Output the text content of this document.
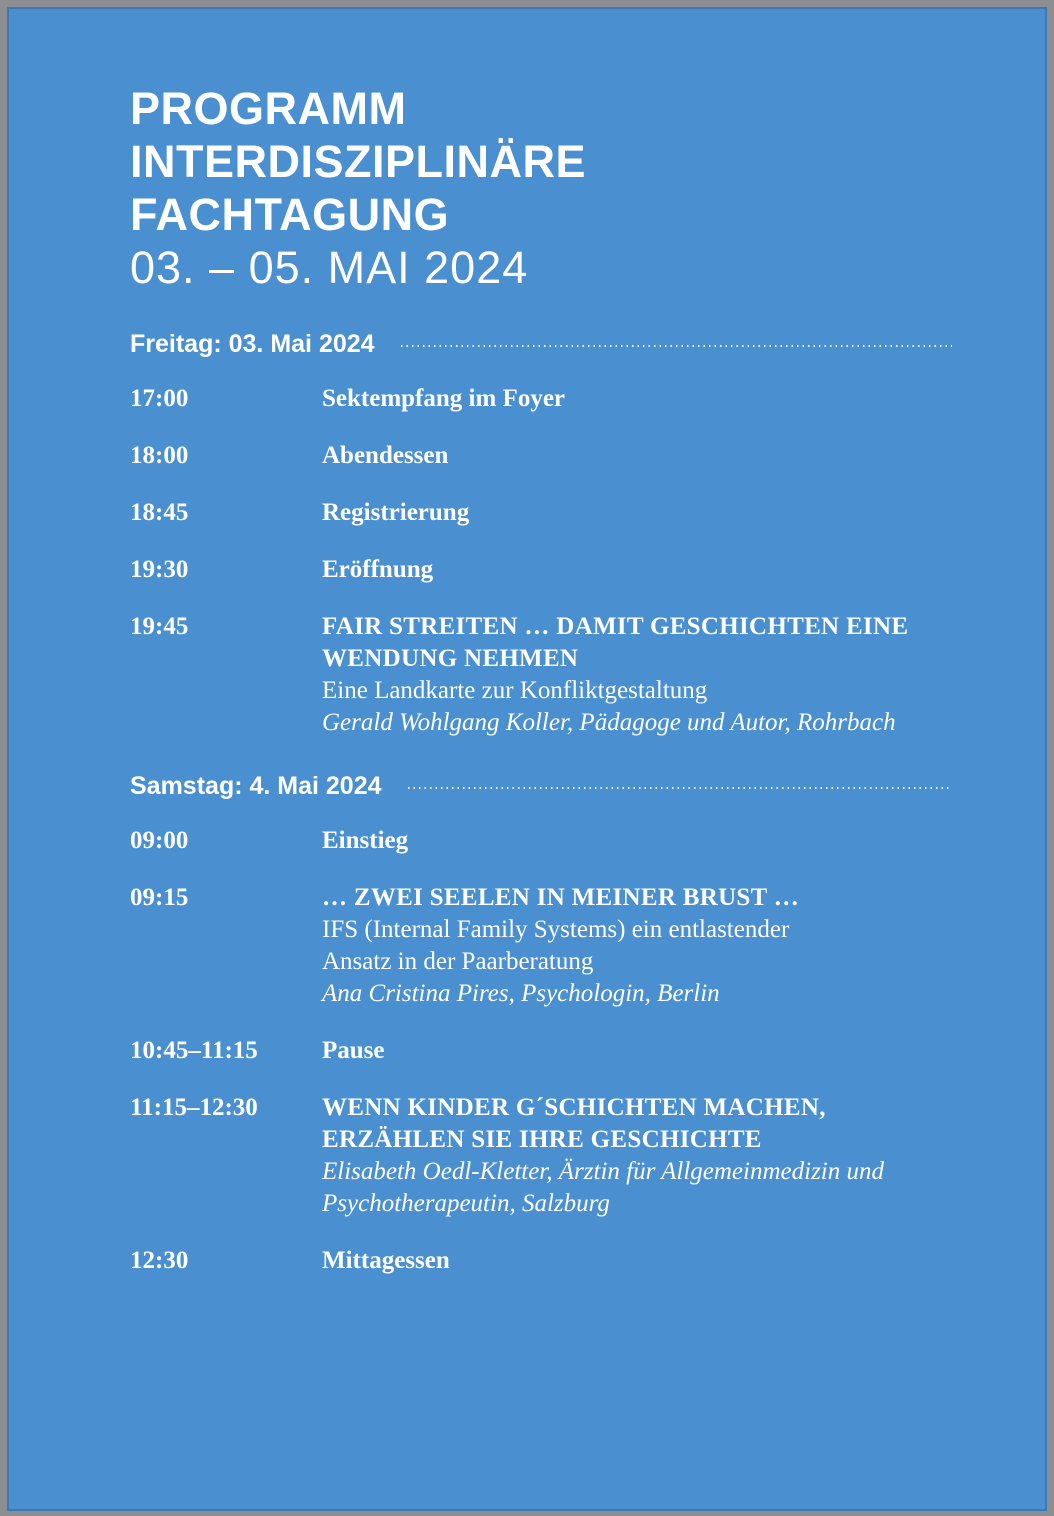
PROGRAMM
INTERDISZIPLINÄRE
FACHTAGUNG
03. – 05. MAI 2024
Freitag: 03. Mai 2024
17:00	Sektempfang im Foyer
18:00	Abendessen
18:45	Registrierung
19:30	Eröffnung
19:45	FAIR STREITEN … DAMIT GESCHICHTEN EINE
WENDUNG NEHMEN
Eine Landkarte zur Konfliktgestaltung
Gerald Wohlgang Koller, Pädagoge und Autor, Rohrbach
Samstag: 4. Mai 2024
09:00	Einstieg
09:15	… ZWEI SEELEN IN MEINER BRUST …
IFS (Internal Family Systems) ein entlastender
Ansatz in der Paarberatung
Ana Cristina Pires, Psychologin, Berlin
10:45–11:15	Pause
11:15–12:30	WENN KINDER G´SCHICHTEN MACHEN,
ERZÄHLEN SIE IHRE GESCHICHTE
Elisabeth Oedl-Kletter, Ärztin für Allgemeinmedizin und
Psychotherapeutin, Salzburg
12:30	Mittagessen
